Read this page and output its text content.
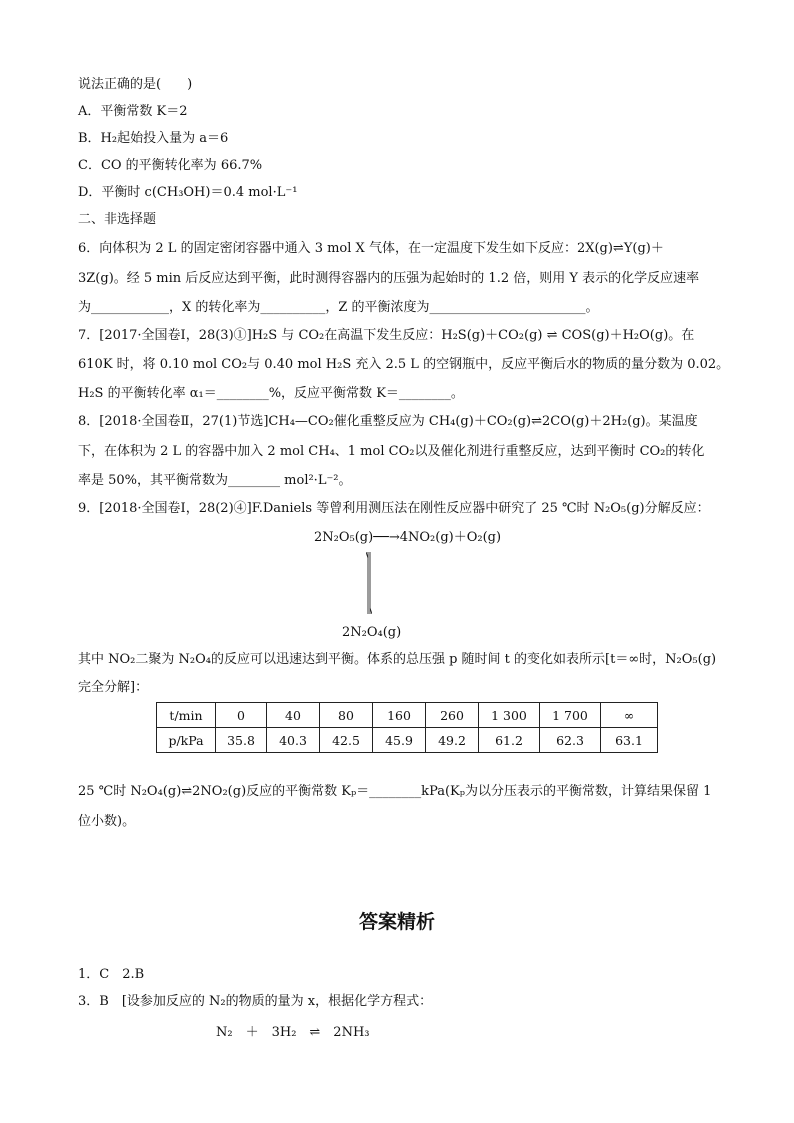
说法正确的是(　　)
A．平衡常数 K＝2
B．H₂起始投入量为 a＝6
C．CO 的平衡转化率为 66.7%
D．平衡时 c(CH₃OH)＝0.4 mol·L⁻¹
二、非选择题
6．向体积为 2 L 的固定密闭容器中通入 3 mol X 气体，在一定温度下发生如下反应：2X(g)⇌Y(g)＋
3Z(g)。经 5 min 后反应达到平衡，此时测得容器内的压强为起始时的 1.2 倍，则用 Y 表示的化学反应速率
为____________，X 的转化率为__________，Z 的平衡浓度为________________________。
7．[2017·全国卷Ⅰ，28(3)①]H₂S 与 CO₂在高温下发生反应：H₂S(g)＋CO₂(g) ⇌ COS(g)＋H₂O(g)。在
610K 时，将 0.10 mol CO₂与 0.40 mol H₂S 充入 2.5 L 的空钢瓶中，反应平衡后水的物质的量分数为 0.02。
H₂S 的平衡转化率 α₁＝________%，反应平衡常数 K＝________。
8．[2018·全国卷Ⅱ，27(1)节选]CH₄—CO₂催化重整反应为 CH₄(g)＋CO₂(g)⇌2CO(g)＋2H₂(g)。某温度
下，在体积为 2 L 的容器中加入 2 mol CH₄、1 mol CO₂以及催化剂进行重整反应，达到平衡时 CO₂的转化
率是 50%，其平衡常数为________ mol²·L⁻²。
9．[2018·全国卷Ⅰ，28(2)④]F.Daniels 等曾利用测压法在刚性反应器中研究了 25 ℃时 N₂O₅(g)分解反应：
2N₂O₅(g)──→4NO₂(g)＋O₂(g)
2N₂O₄(g)
其中 NO₂二聚为 N₂O₄的反应可以迅速达到平衡。体系的总压强 p 随时间 t 的变化如表所示[t＝∞时，N₂O₅(g)
完全分解]：
t/min	0	40	80	160	260	1 300	1 700	∞
p/kPa	35.8	40.3	42.5	45.9	49.2	61.2	62.3	63.1
25 ℃时 N₂O₄(g)⇌2NO₂(g)反应的平衡常数 Kₚ＝________kPa(Kₚ为以分压表示的平衡常数，计算结果保留 1
位小数)。
答案精析
1．C　2.B
3．B　[设参加反应的 N₂的物质的量为 x，根据化学方程式：
N₂　＋　3H₂　⇌　2NH₃
